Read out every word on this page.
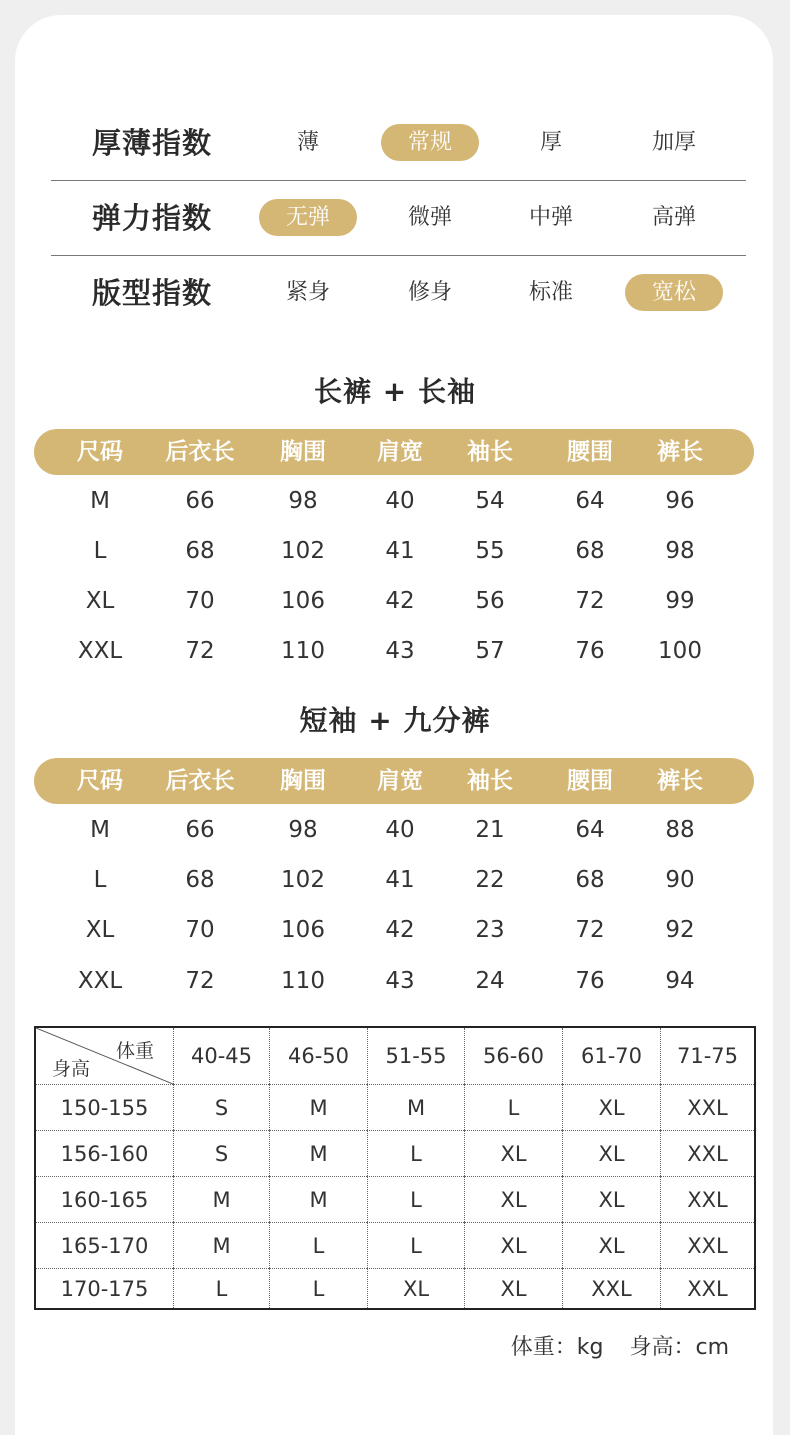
厚薄指数	薄	常规	厚	加厚
弹力指数	无弹	微弹	中弹	高弹
版型指数	紧身	修身	标准	宽松
长裤 + 长袖
尺码	后衣长	胸围	肩宽	袖长	腰围	裤长
M	66	98	40	54	64	96
L	68	102	41	55	68	98
XL	70	106	42	56	72	99
XXL	72	110	43	57	76	100
短袖 + 九分裤
尺码	后衣长	胸围	肩宽	袖长	腰围	裤长
M	66	98	40	21	64	88
L	68	102	41	22	68	90
XL	70	106	42	23	72	92
XXL	72	110	43	24	76	94
体重
身高
40-45	46-50	51-55	56-60	61-70	71-75
150-155	S	M	M	L	XL	XXL
156-160	S	M	L	XL	XL	XXL
160-165	M	M	L	XL	XL	XXL
165-170	M	L	L	XL	XL	XXL
170-175	L	L	XL	XL	XXL	XXL
体重：kg 身高：cm
